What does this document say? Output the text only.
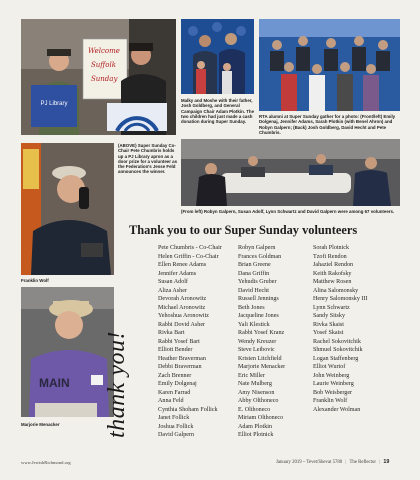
PJ Library
Welcome
Suffolk
Sunday
Malky and Moshe with their father, Josh Goldberg, and General Campaign Chair Adam Plotkin. The two children had just made a cash donation during Super Sunday.
RTA alumni at Super Sunday gather for a photo: (Front/left) Emily Dolgenaj, Jennifer Adams, Sarah Plotkin (with Benel Ahron) and Robyn Galpern; (Back) Josh Goldberg, David Hecht and Pete Chumbris.
(ABOVE) Super Sunday Co-Chair Pete Chumbris holds up a PJ Library apron as a door prize for a volunteer as the Federation's Jesse Feld announces the winner.
Franklin Wolf
(From left) Robyn Galpern, Susan Adolf, Lynn Schwartz and David Galpern were among 67 volunteers.
MAIN
Marjorie Menacker
Thank you to our Super Sunday volunteers
thank you!
Pete Chumbris - Co-Chair
Helen Griffin - Co-Chair
Ellen Renee Adams
Jennifer Adams
Susan Adolf
Aliza Asher
Devorah Aronowitz
Michael Aronowitz
Yehoshua Aronowitz
Rabbi Dovid Asher
Rivka Bart
Rabbi Yosef Bart
Elliott Bender
Heather Braverman
Debbi Braverman
Zach Brenner
Emily Dolgenaj
Karen Farrad
Anna Feld
Cynthia Shoham Follick
Janet Follick
Joshua Follick
David Galpern
Robyn Galpern
Frances Goldman
Brian Greene
Dana Griffin
Yehudis Gruber
David Hecht
Russell Jennings
Beth Jones
Jacqueline Jones
Yali Klestick
Rabbi Yosef Kranz
Wendy Kreuzer
Steve Leibovic
Kristen Litchfield
Marjorie Menacker
Eric Miller
Nate Mulberg
Amy Nisenson
Abby Olthoneco
E. Olthoneco
Miriam Olthoneco
Adam Plotkin
Elliot Plotnick
Sorah Plotnick
Tzofi Rendon
Jahaziel Rendon
Keith Rakofsky
Matthew Rosen
Alina Salomonsky
Henry Salomonsky III
Lynn Schwartz
Sandy Sitsky
Rivka Skaist
Yosef Skaist
Rachel Sokovitchik
Shmuel Sokovitchik
Logan Staffenberg
Elliot Wurtof
John Weinberg
Laurie Weinberg
Bob Weisberger
Franklin Wolf
Alexander Wolman
www.JewishRichmond.org	January 2019 – Tevet/Shevat 5780 | The Reflector | 19
